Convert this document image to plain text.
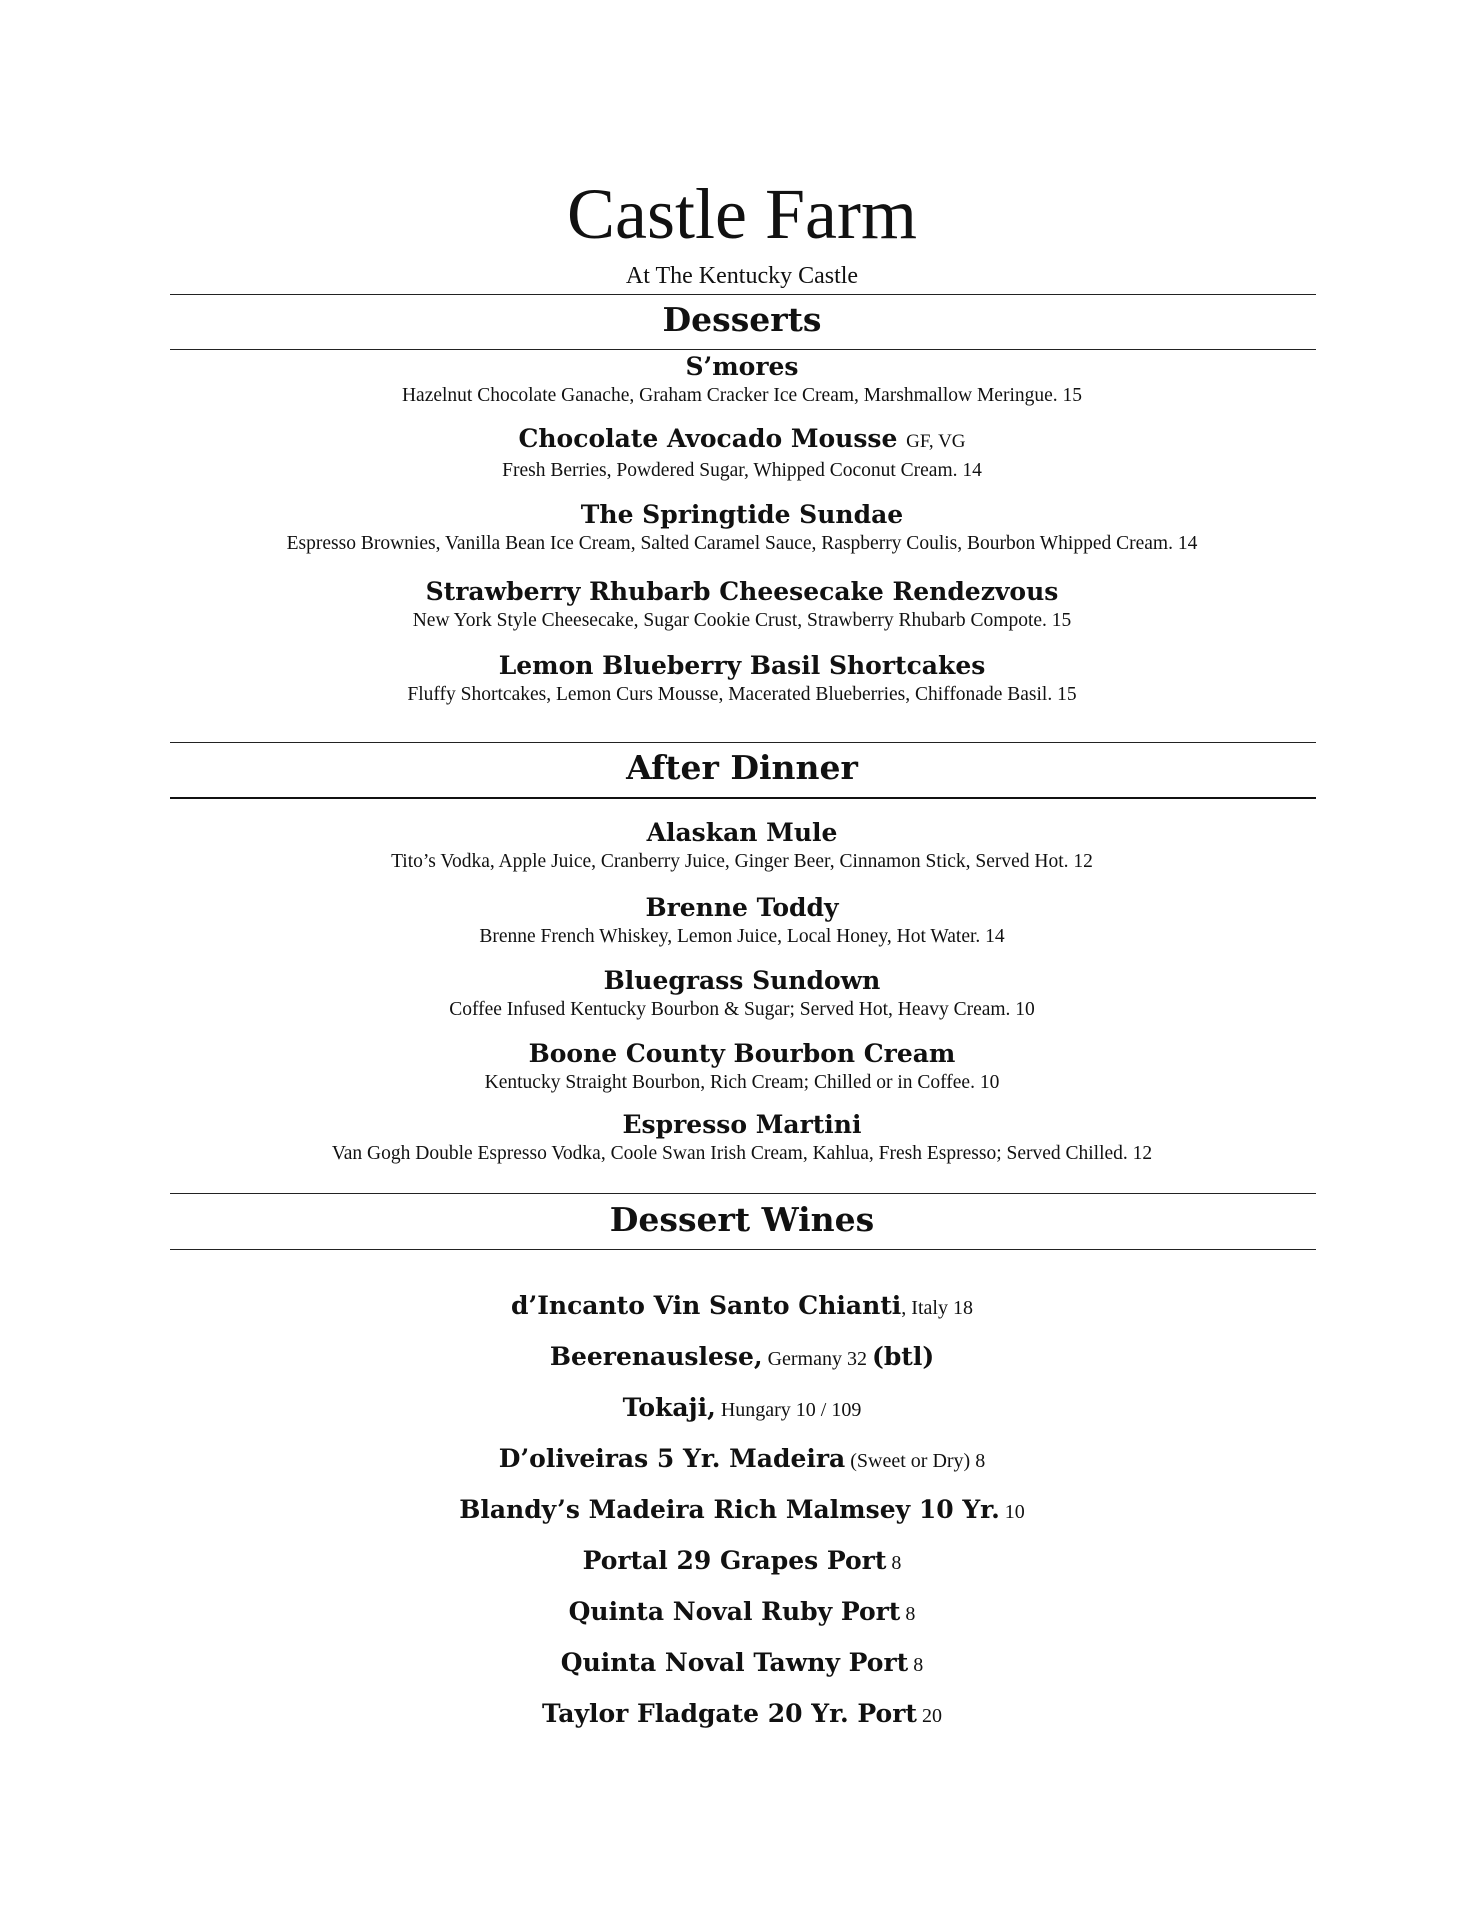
Castle Farm
At The Kentucky Castle
Desserts
S’mores
Hazelnut Chocolate Ganache, Graham Cracker Ice Cream, Marshmallow Meringue. 15
Chocolate Avocado Mousse GF, VG
Fresh Berries, Powdered Sugar, Whipped Coconut Cream. 14
The Springtide Sundae
Espresso Brownies, Vanilla Bean Ice Cream, Salted Caramel Sauce, Raspberry Coulis, Bourbon Whipped Cream. 14
Strawberry Rhubarb Cheesecake Rendezvous
New York Style Cheesecake, Sugar Cookie Crust, Strawberry Rhubarb Compote. 15
Lemon Blueberry Basil Shortcakes
Fluffy Shortcakes, Lemon Curs Mousse, Macerated Blueberries, Chiffonade Basil. 15
After Dinner
Alaskan Mule
Tito’s Vodka, Apple Juice, Cranberry Juice, Ginger Beer, Cinnamon Stick, Served Hot. 12
Brenne Toddy
Brenne French Whiskey, Lemon Juice, Local Honey, Hot Water. 14
Bluegrass Sundown
Coffee Infused Kentucky Bourbon & Sugar; Served Hot, Heavy Cream. 10
Boone County Bourbon Cream
Kentucky Straight Bourbon, Rich Cream; Chilled or in Coffee. 10
Espresso Martini
Van Gogh Double Espresso Vodka, Coole Swan Irish Cream, Kahlua, Fresh Espresso; Served Chilled. 12
Dessert Wines
d’Incanto Vin Santo Chianti, Italy 18
Beerenauslese, Germany 32 (btl)
Tokaji, Hungary 10 / 109
D’oliveiras 5 Yr. Madeira (Sweet or Dry) 8
Blandy’s Madeira Rich Malmsey 10 Yr. 10
Portal 29 Grapes Port 8
Quinta Noval Ruby Port 8
Quinta Noval Tawny Port 8
Taylor Fladgate 20 Yr. Port 20
